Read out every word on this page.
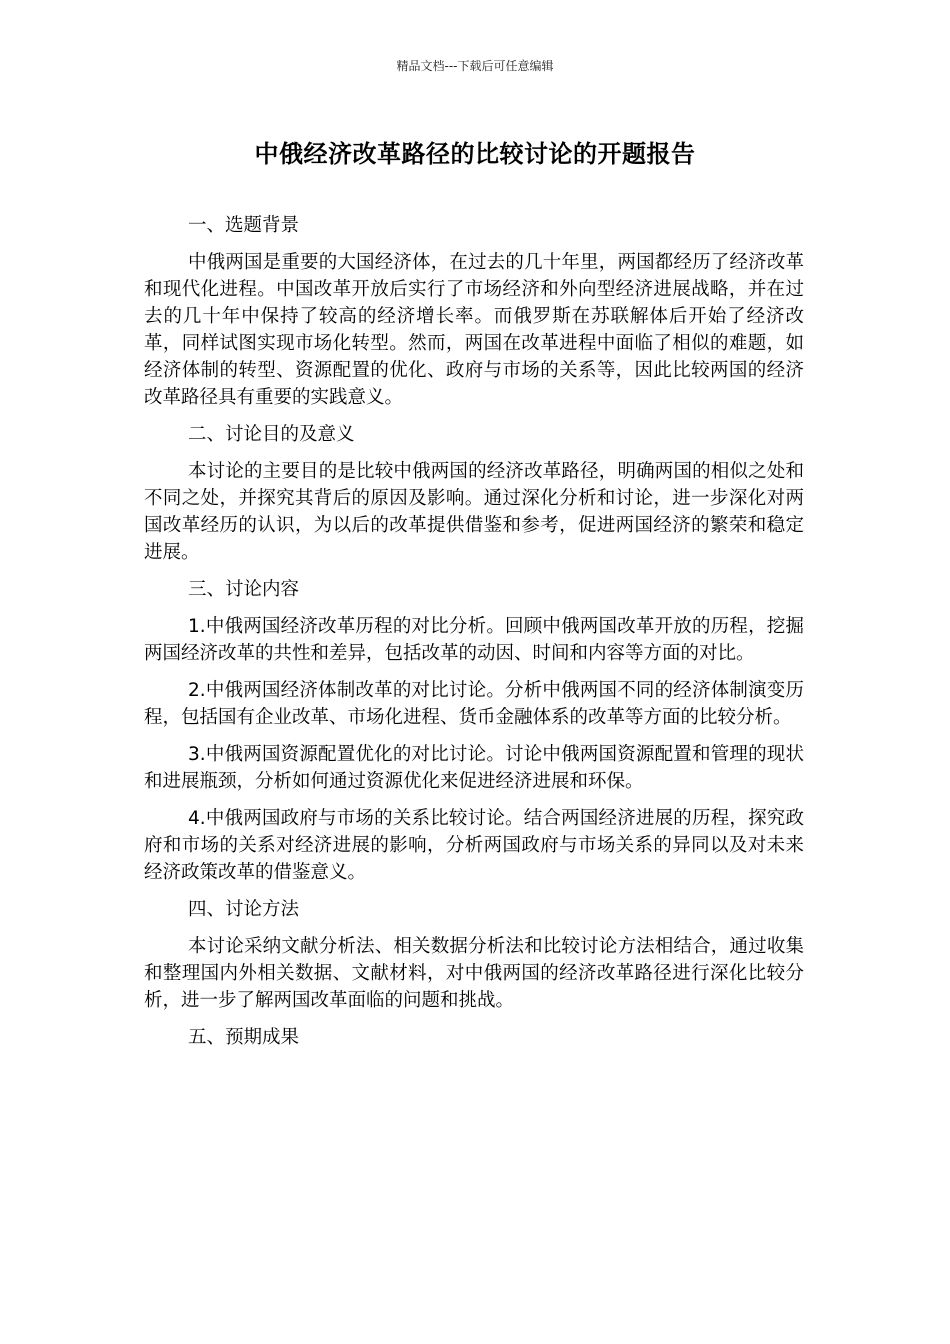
精品文档---下载后可任意编辑
中俄经济改革路径的比较讨论的开题报告
一、选题背景
中俄两国是重要的大国经济体，在过去的几十年里，两国都经历了经济改革和现代化进程。中国改革开放后实行了市场经济和外向型经济进展战略，并在过去的几十年中保持了较高的经济增长率。而俄罗斯在苏联解体后开始了经济改革，同样试图实现市场化转型。然而，两国在改革进程中面临了相似的难题，如经济体制的转型、资源配置的优化、政府与市场的关系等，因此比较两国的经济改革路径具有重要的实践意义。
二、讨论目的及意义
本讨论的主要目的是比较中俄两国的经济改革路径，明确两国的相似之处和不同之处，并探究其背后的原因及影响。通过深化分析和讨论，进一步深化对两国改革经历的认识，为以后的改革提供借鉴和参考，促进两国经济的繁荣和稳定进展。
三、讨论内容
1.中俄两国经济改革历程的对比分析。回顾中俄两国改革开放的历程，挖掘两国经济改革的共性和差异，包括改革的动因、时间和内容等方面的对比。
2.中俄两国经济体制改革的对比讨论。分析中俄两国不同的经济体制演变历程，包括国有企业改革、市场化进程、货币金融体系的改革等方面的比较分析。
3.中俄两国资源配置优化的对比讨论。讨论中俄两国资源配置和管理的现状和进展瓶颈，分析如何通过资源优化来促进经济进展和环保。
4.中俄两国政府与市场的关系比较讨论。结合两国经济进展的历程，探究政府和市场的关系对经济进展的影响，分析两国政府与市场关系的异同以及对未来经济政策改革的借鉴意义。
四、讨论方法
本讨论采纳文献分析法、相关数据分析法和比较讨论方法相结合，通过收集和整理国内外相关数据、文献材料，对中俄两国的经济改革路径进行深化比较分析，进一步了解两国改革面临的问题和挑战。
五、预期成果
